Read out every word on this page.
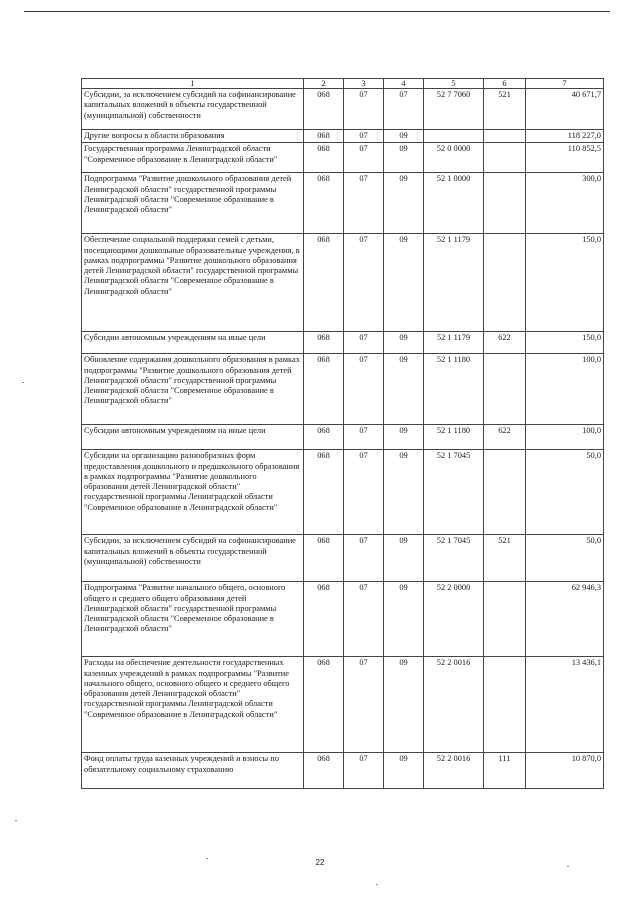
1	2	3	4	5	6	7
Субсидии, за исключением субсидий на софинансирование капитальных вложений в объекты государственной (муниципальной) собственности	068	07	07	52 7 7060	521	40 671,7
Другие вопросы в области образования	068	07	09			118 227,0
Государственная программа Ленинградской области "Современное образование в Ленинградской области"	068	07	09	52 0 0000		110 852,5
Подпрограмма "Развитие дошкольного образования детей Ленинградской области" государственной программы Ленинградской области "Современное образование в Ленинградской области"	068	07	09	52 1 0000		300,0
Обеспечение социальной поддержки семей с детьми, посещающими дошкольные образовательные учреждения, в рамках подпрограммы "Развитие дошкольного образования детей Ленинградской области" государственной программы Ленинградской области "Современное образование в Ленинградской области"	068	07	09	52 1 1179		150,0
Субсидии автономным учреждениям на иные цели	068	07	09	52 1 1179	622	150,0
Обновление содержания дошкольного образования в рамках подпрограммы "Развитие дошкольного образования детей Ленинградской области" государственной программы Ленинградской области "Современное образование в Ленинградской области"	068	07	09	52 1 1180		100,0
Субсидии автономным учреждениям на иные цели	068	07	09	52 1 1180	622	100,0
Субсидии на организацию разнообразных форм предоставления дошкольного и предшкольного образования в рамках подпрограммы "Развитие дошкольного образования детей Ленинградской области" государственной программы Ленинградской области "Современное образование в Ленинградской области"	068	07	09	52 1 7045		50,0
Субсидии, за исключением субсидий на софинансирование капитальных вложений в объекты государственной (муниципальной) собственности	068	07	09	52 1 7045	521	50,0
Подпрограмма "Развитие начального общего, основного общего и среднего общего образования детей Ленинградской области" государственной программы Ленинградской области "Современное образование в Ленинградской области"	068	07	09	52 2 0000		62 946,3
Расходы на обеспечение деятельности государственных казенных учреждений в рамках подпрограммы "Развитие начального общего, основного общего и среднего общего образования детей Ленинградской области" государственной программы Ленинградской области "Современное образование в Ленинградской области"	068	07	09	52 2 0016		13 436,1
Фонд оплаты труда казенных учреждений и взносы по обязательному социальному страхованию	068	07	09	52 2 0016	111	10 870,0
22
